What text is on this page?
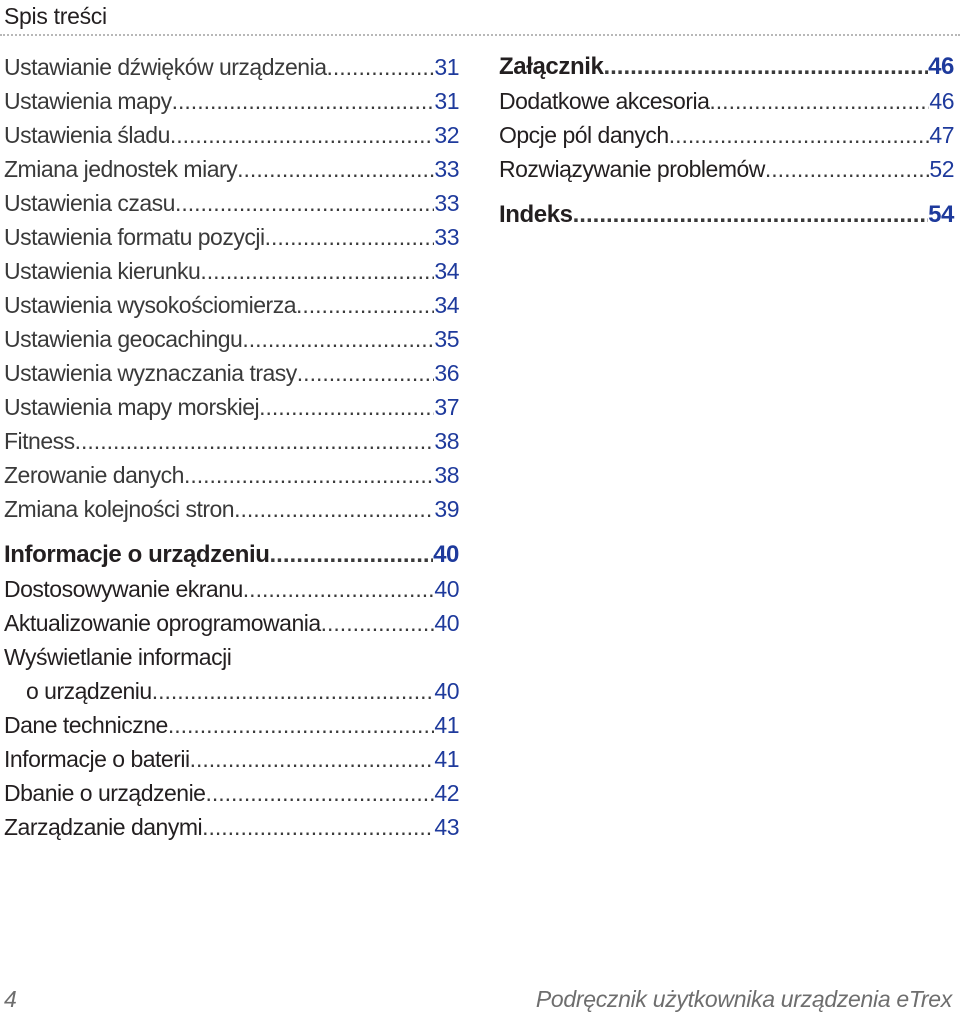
Spis treści
Ustawianie dźwięków urządzenia .....	31
Ustawienia mapy .....	31
Ustawienia śladu .....	32
Zmiana jednostek miary .....	33
Ustawienia czasu .....	33
Ustawienia formatu pozycji .....	33
Ustawienia kierunku .....	34
Ustawienia wysokościomierza .....	34
Ustawienia geocachingu .....	35
Ustawienia wyznaczania trasy .....	36
Ustawienia mapy morskiej .....	37
Fitness .....	38
Zerowanie danych .....	38
Zmiana kolejności stron .....	39
Informacje o urządzeniu .....	40
Dostosowywanie ekranu .....	40
Aktualizowanie oprogramowania .....	40
Wyświetlanie informacji
o urządzeniu .....	40
Dane techniczne .....	41
Informacje o baterii .....	41
Dbanie o urządzenie .....	42
Zarządzanie danymi .....	43
Załącznik .....	46
Dodatkowe akcesoria .....	46
Opcje pól danych .....	47
Rozwiązywanie problemów .....	52
Indeks .....	54
4	Podręcznik użytkownika urządzenia eTrex
